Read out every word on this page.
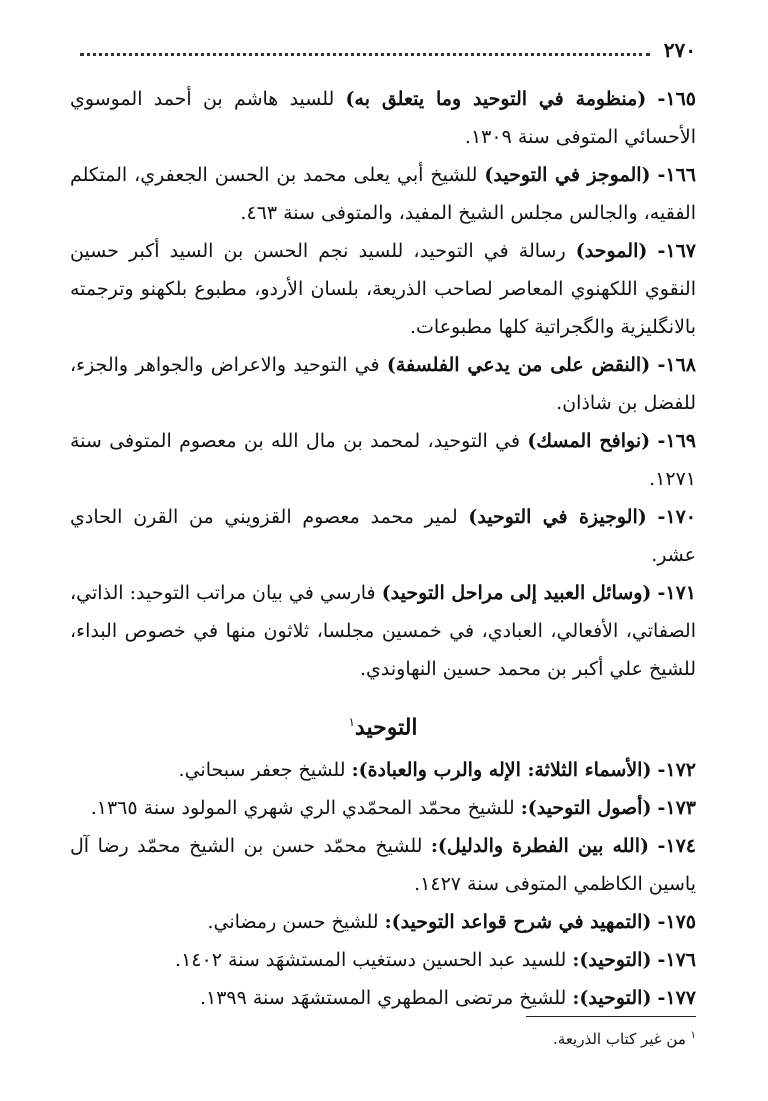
٢٧٠

١٦٥- (منظومة في التوحيد وما يتعلق به) للسيد هاشم بن أحمد الموسوي الأحسائي المتوفى سنة ١٣٠٩.

١٦٦- (الموجز في التوحيد) للشيخ أبي يعلى محمد بن الحسن الجعفري، المتكلم الفقيه، والجالس مجلس الشيخ المفيد، والمتوفى سنة ٤٦٣.

١٦٧- (الموحد) رسالة في التوحيد، للسيد نجم الحسن بن السيد أكبر حسين النقوي اللكهنوي المعاصر لصاحب الذريعة، بلسان الأردو، مطبوع بلكهنو وترجمته بالانگليزية والگجراتية كلها مطبوعات.

١٦٨- (النقض على من يدعي الفلسفة) في التوحيد والاعراض والجواهر والجزء، للفضل بن شاذان.

١٦٩- (نوافح المسك) في التوحيد، لمحمد بن مال الله بن معصوم المتوفى سنة ١٢٧١.

١٧٠- (الوجيزة في التوحيد) لمير محمد معصوم القزويني من القرن الحادي عشر.

١٧١- (وسائل العبيد إلى مراحل التوحيد) فارسي في بيان مراتب التوحيد: الذاتي، الصفاتي، الأفعالي، العبادي، في خمسين مجلسا، ثلاثون منها في خصوص البداء، للشيخ علي أكبر بن محمد حسين النهاوندي.

التوحيد$^١$

١٧٢- (الأسماء الثلاثة: الإله والرب والعبادة): للشيخ جعفر سبحاني.

١٧٣- (أصول التوحيد): للشيخ محمّد المحمّدي الري شهري المولود سنة ١٣٦٥.

١٧٤- (الله بين الفطرة والدليل): للشيخ محمّد حسن بن الشيخ محمّد رضا آل ياسين الكاظمي المتوفى سنة ١٤٢٧.

١٧٥- (التمهيد في شرح قواعد التوحيد): للشيخ حسن رمضاني.

١٧٦- (التوحيد): للسيد عبد الحسين دستغيب المستشهَد سنة ١٤٠٢.

١٧٧- (التوحيد): للشيخ مرتضى المطهري المستشهَد سنة ١٣٩٩.

$^١$ من غير كتاب الذريعة.
